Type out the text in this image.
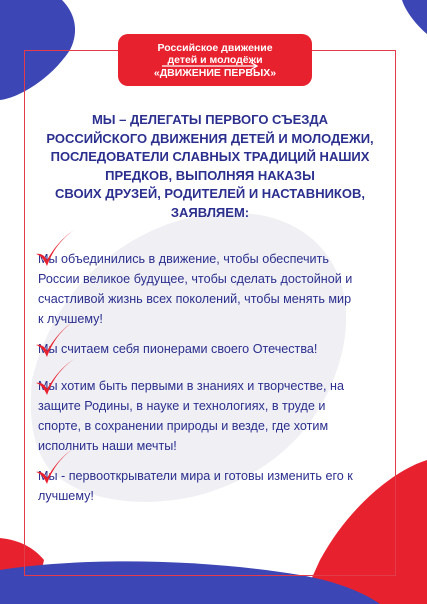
Российское движение
детей и молодёжи
«ДВИЖЕНИЕ ПЕРВЫХ»
МЫ – ДЕЛЕГАТЫ ПЕРВОГО СЪЕЗДА
РОССИЙСКОГО ДВИЖЕНИЯ ДЕТЕЙ И МОЛОДЕЖИ,
ПОСЛЕДОВАТЕЛИ СЛАВНЫХ ТРАДИЦИЙ НАШИХ
ПРЕДКОВ, ВЫПОЛНЯЯ НАКАЗЫ
СВОИХ ДРУЗЕЙ, РОДИТЕЛЕЙ И НАСТАВНИКОВ,
ЗАЯВЛЯЕМ:

Мы объединились в движение, чтобы обеспечить
России великое будущее, чтобы сделать достойной и
счастливой жизнь всех поколений, чтобы менять мир
к лучшему!

Мы считаем себя пионерами своего Отечества!

Мы хотим быть первыми в знаниях и творчестве, на
защите Родины, в науке и технологиях, в труде и
спорте, в сохранении природы и везде, где хотим
исполнить наши мечты!

Мы - первооткрыватели мира и готовы изменить его к
лучшему!
